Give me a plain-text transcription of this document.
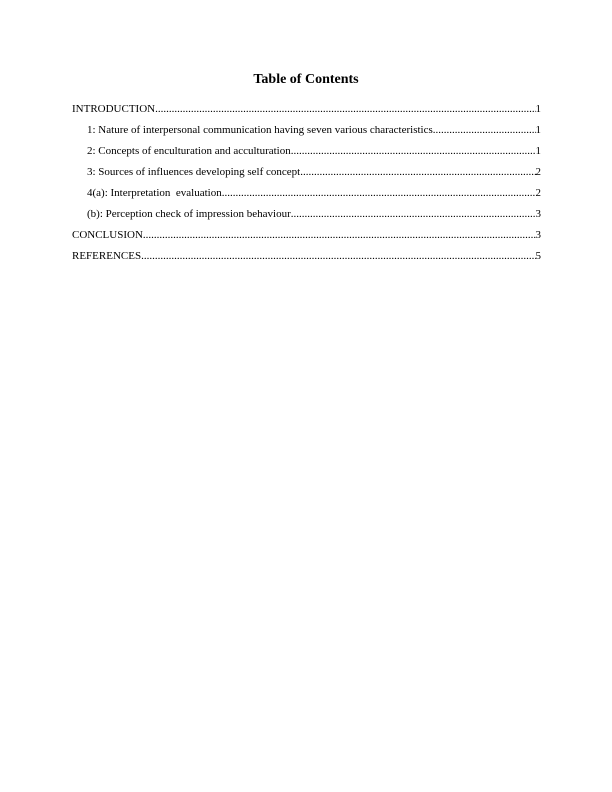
Table of Contents
INTRODUCTION .....	1
1: Nature of interpersonal communication having seven various characteristics .....	1
2: Concepts of enculturation and acculturation .....	1
3: Sources of influences developing self concept .....	2
4(a): Interpretation  evaluation .....	2
(b): Perception check of impression behaviour .....	3
CONCLUSION .....	3
REFERENCES .....	5
